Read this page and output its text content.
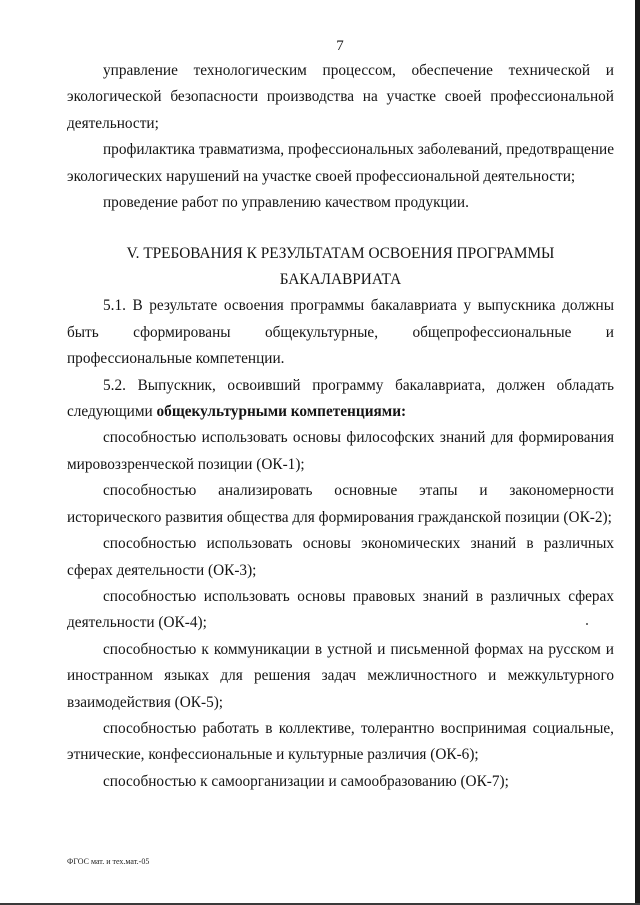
7

управление технологическим процессом, обеспечение технической и экологической безопасности производства на участке своей профессиональной деятельности;

профилактика травматизма, профессиональных заболеваний, предотвращение экологических нарушений на участке своей профессиональной деятельности;

проведение работ по управлению качеством продукции.

V. ТРЕБОВАНИЯ К РЕЗУЛЬТАТАМ ОСВОЕНИЯ ПРОГРАММЫ
БАКАЛАВРИАТА

5.1. В результате освоения программы бакалавриата у выпускника должны быть сформированы общекультурные, общепрофессиональные и профессиональные компетенции.

5.2. Выпускник, освоивший программу бакалавриата, должен обладать следующими общекультурными компетенциями:

способностью использовать основы философских знаний для формирования мировоззренческой позиции (ОК-1);

способностью анализировать основные этапы и закономерности исторического развития общества для формирования гражданской позиции (ОК-2);

способностью использовать основы экономических знаний в различных сферах деятельности (ОК-3);

способностью использовать основы правовых знаний в различных сферах деятельности (ОК-4);

способностью к коммуникации в устной и письменной формах на русском и иностранном языках для решения задач межличностного и межкультурного взаимодействия (ОК-5);

способностью работать в коллективе, толерантно воспринимая социальные, этнические, конфессиональные и культурные различия (ОК-6);

способностью к самоорганизации и самообразованию (ОК-7);

ФГОС мат. и тех.мат.-05
